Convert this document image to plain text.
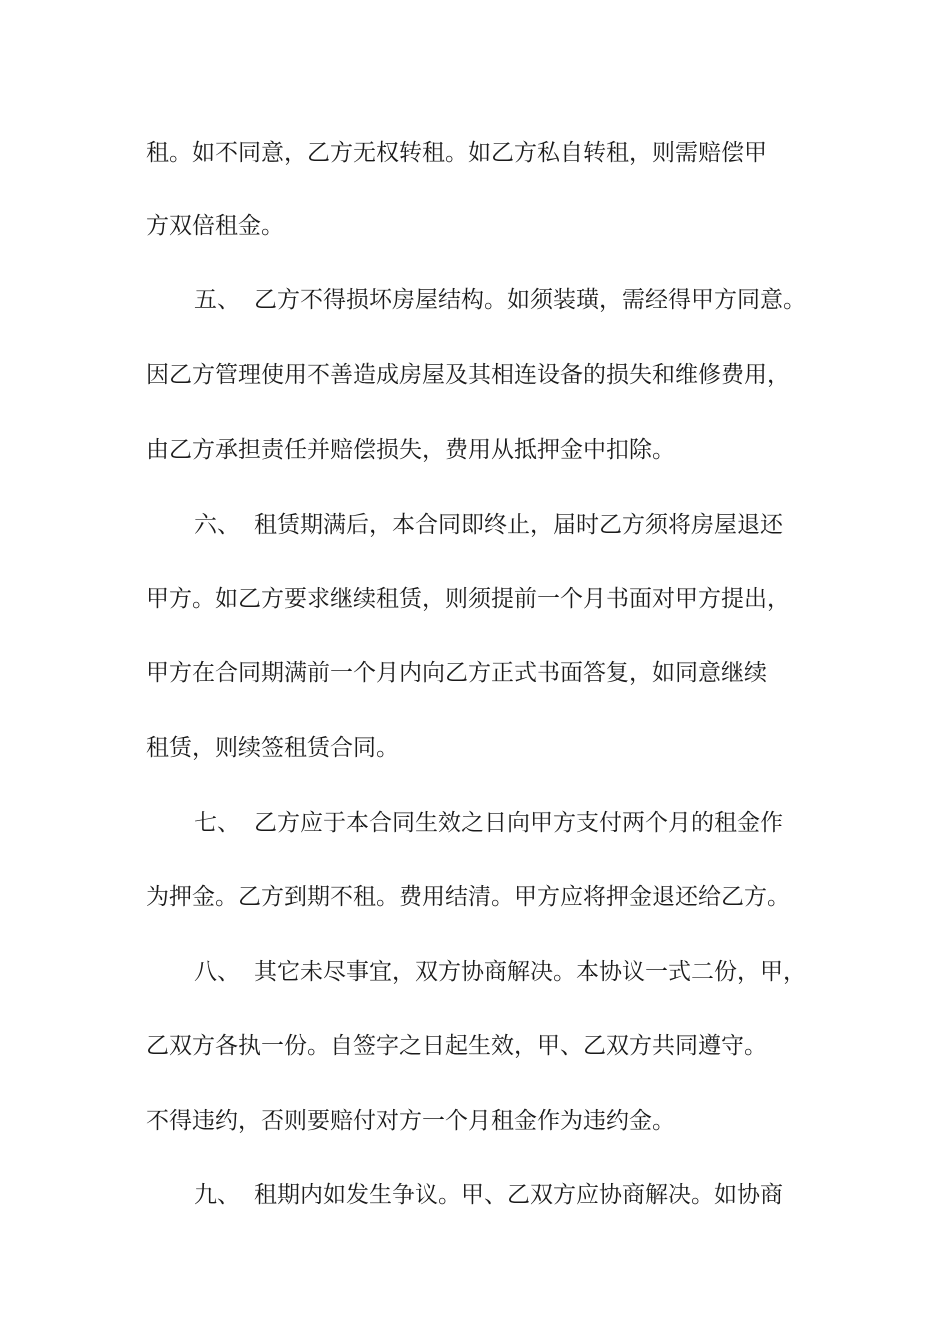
租。如不同意，乙方无权转租。如乙方私自转租，则需赔偿甲
方双倍租金。
五、 乙方不得损坏房屋结构。如须装璜，需经得甲方同意。
因乙方管理使用不善造成房屋及其相连设备的损失和维修费用，
由乙方承担责任并赔偿损失，费用从抵押金中扣除。
六、 租赁期满后，本合同即终止，届时乙方须将房屋退还
甲方。如乙方要求继续租赁，则须提前一个月书面对甲方提出，
甲方在合同期满前一个月内向乙方正式书面答复，如同意继续
租赁，则续签租赁合同。
七、 乙方应于本合同生效之日向甲方支付两个月的租金作
为押金。乙方到期不租。费用结清。甲方应将押金退还给乙方。
八、 其它未尽事宜，双方协商解决。本协议一式二份，甲，
乙双方各执一份。自签字之日起生效，甲、乙双方共同遵守。
不得违约，否则要赔付对方一个月租金作为违约金。
九、 租期内如发生争议。甲、乙双方应协商解决。如协商
